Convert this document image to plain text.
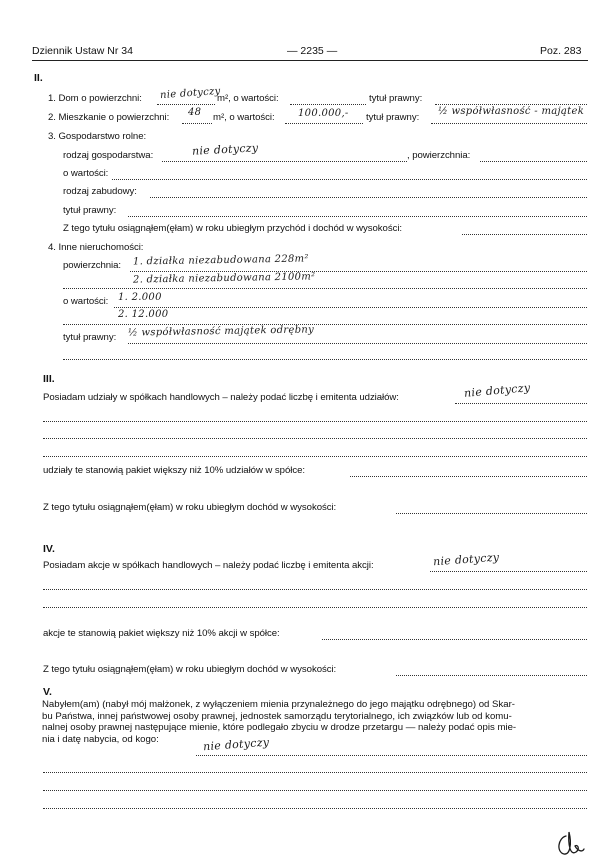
Dziennik Ustaw Nr 34	— 2235 —	Poz. 283
II.
1. Dom o powierzchni: nie dotyczy
m², o wartości:	tytuł prawny:
2. Mieszkanie o powierzchni: 48 m², o wartości: 100.000,- tytuł prawny:
½ współwłasność - majątek
3. Gospodarstwo rolne:
rodzaj gospodarstwa:	nie dotyczy	, powierzchnia:
o wartości:
rodzaj zabudowy:
tytuł prawny:
Z tego tytułu osiągnąłem(ęłam) w roku ubiegłym przychód i dochód w wysokości:
4. Inne nieruchomości:
powierzchnia: 1. działka niezabudowana 228m²
2. działka niezabudowana 2100m²
o wartości: 1. 2.000
2. 12.000
tytuł prawny: ½ współwłasność majątek odrębny
III.
Posiadam udziały w spółkach handlowych – należy podać liczbę i emitenta udziałów:	nie dotyczy
udziały te stanowią pakiet większy niż 10% udziałów w spółce:
Z tego tytułu osiągnąłem(ęłam) w roku ubiegłym dochód w wysokości:
IV.
Posiadam akcje w spółkach handlowych – należy podać liczbę i emitenta akcji:	nie dotyczy
akcje te stanowią pakiet większy niż 10% akcji w spółce:
Z tego tytułu osiągnąłem(ęłam) w roku ubiegłym dochód w wysokości:
V.
Nabyłem(am) (nabył mój małżonek, z wyłączeniem mienia przynależnego do jego majątku odrębnego) od Skar-
bu Państwa, innej państwowej osoby prawnej, jednostek samorządu terytorialnego, ich związków lub od komu-
nalnej osoby prawnej następujące mienie, które podlegało zbyciu w drodze przetargu — należy podać opis mie-
nia i datę nabycia, od kogo:	nie dotyczy
